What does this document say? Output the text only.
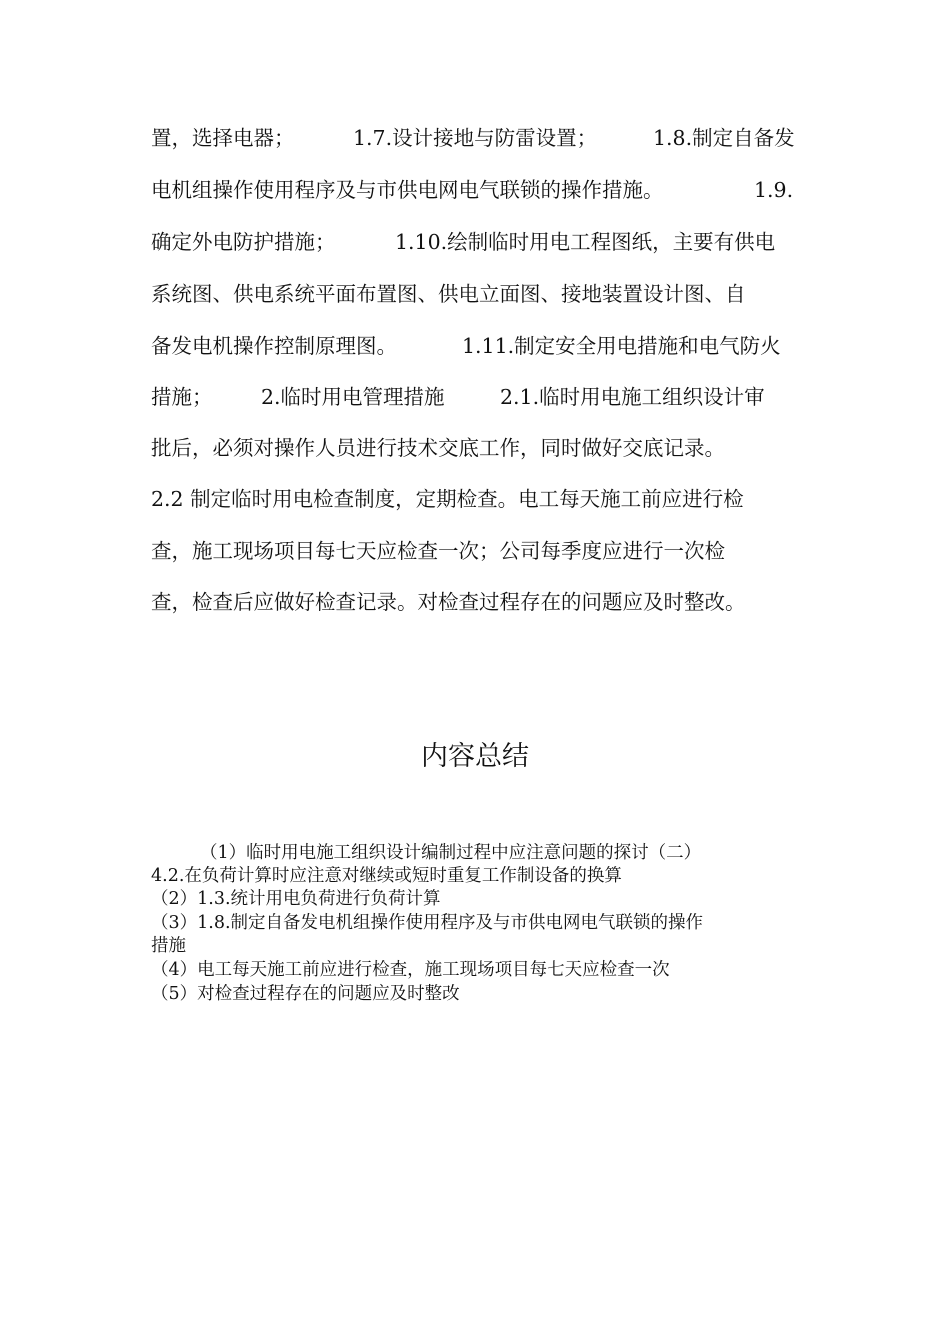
置，选择电器；	1.7.设计接地与防雷设置；	1.8.制定自备发
电机组操作使用程序及与市供电网电气联锁的操作措施。	1.9.
确定外电防护措施；	1.10.绘制临时用电工程图纸，主要有供电
系统图、供电系统平面布置图、供电立面图、接地装置设计图、自
备发电机操作控制原理图。	1.11.制定安全用电措施和电气防火
措施； 2.临时用电管理措施	2.1.临时用电施工组织设计审
批后，必须对操作人员进行技术交底工作，同时做好交底记录。
2.2 制定临时用电检查制度，定期检查。电工每天施工前应进行检
查，施工现场项目每七天应检查一次；公司每季度应进行一次检
查，检查后应做好检查记录。对检查过程存在的问题应及时整改。
内容总结
（1）临时用电施工组织设计编制过程中应注意问题的探讨（二）
4.2.在负荷计算时应注意对继续或短时重复工作制设备的换算
（2）1.3.统计用电负荷进行负荷计算
（3）1.8.制定自备发电机组操作使用程序及与市供电网电气联锁的操作
措施
（4）电工每天施工前应进行检查，施工现场项目每七天应检查一次
（5）对检查过程存在的问题应及时整改
